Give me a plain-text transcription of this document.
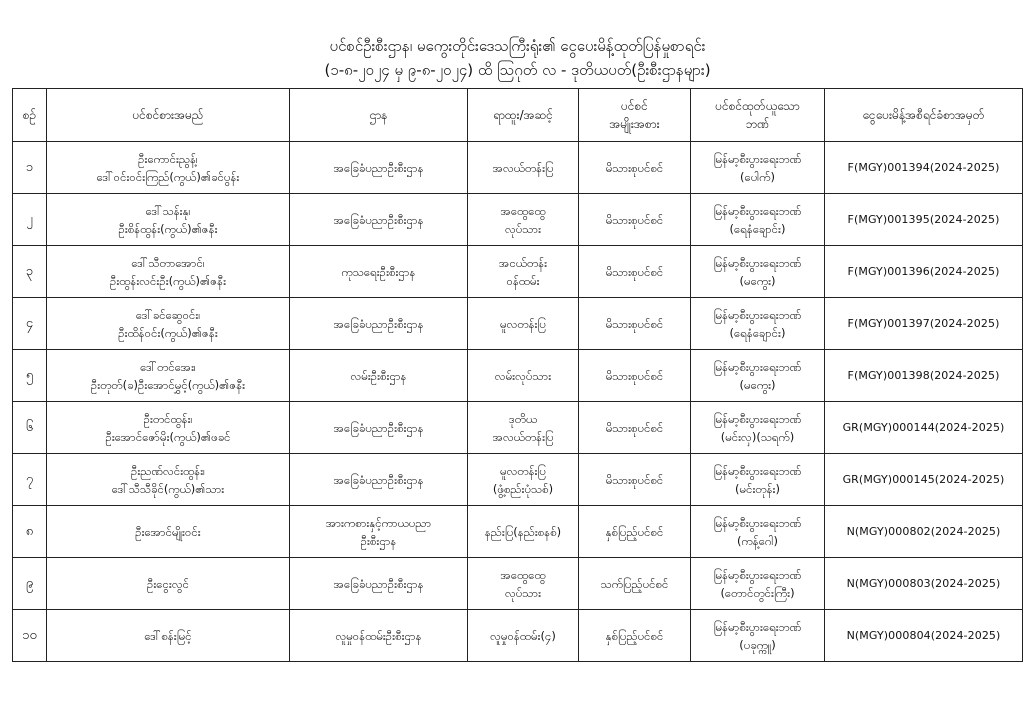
ပင်စင်ဦးစီးဌာန၊ မကွေးတိုင်းဒေသကြီးရုံး၏ ငွေပေးမိန့်ထုတ်ပြန်မှုစာရင်း
(၁-၈-၂၀၂၄ မှ ၉-၈-၂၀၂၄) ထိ ဩဂုတ် လ - ဒုတိယပတ်(ဦးစီးဌာနများ)
စဉ်	ပင်စင်စားအမည်	ဌာန	ရာထူး/အဆင့်	ပင်စင်
အမျိုးအစား	ပင်စင်ထုတ်ယူသော
ဘဏ်	ငွေပေးမိန့်အစီရင်ခံစာအမှတ်

၁	ဦးကောင်းညွန့်၊
ဒေါ်ဝင်းဝင်းကြည်(ကွယ်)၏ခင်ပွန်း	အခြေခံပညာဦးစီးဌာန	အလယ်တန်းပြ	မိသားစုပင်စင်	မြန်မာ့စီးပွားရေးဘဏ်
(ပေါက်)	F(MGY)001394(2024-2025)

၂	ဒေါ်သန်းနု၊
ဦးစိန်ထွန်း(ကွယ်)၏ဇနီး	အခြေခံပညာဦးစီးဌာန	အထွေထွေ
လုပ်သား	မိသားစုပင်စင်	မြန်မာ့စီးပွားရေးဘဏ်
(ရေနံချောင်း)	F(MGY)001395(2024-2025)

၃	ဒေါ်သီတာအောင်၊
ဦးထွန်းလင်းဦး(ကွယ်)၏ဇနီး	ကုသရေးဦးစီးဌာန	အငယ်တန်း
ဝန်ထမ်း	မိသားစုပင်စင်	မြန်မာ့စီးပွားရေးဘဏ်
(မကွေး)	F(MGY)001396(2024-2025)

၄	ဒေါ်ခင်ဆွေဝင်း၊
ဦးထိန်ဝင်း(ကွယ်)၏ဇနီး	အခြေခံပညာဦးစီးဌာန	မူလတန်းပြ	မိသားစုပင်စင်	မြန်မာ့စီးပွားရေးဘဏ်
(ရေနံချောင်း)	F(MGY)001397(2024-2025)

၅	ဒေါ်တင်အေး၊
ဦးတုတ်(ခ)ဦးအောင်မွှင့်(ကွယ်)၏ဇနီး	လမ်းဦးစီးဌာန	လမ်းလုပ်သား	မိသားစုပင်စင်	မြန်မာ့စီးပွားရေးဘဏ်
(မကွေး)	F(MGY)001398(2024-2025)

၆	ဦးတင်ထွန်း၊
ဦးအောင်ဇော်မိုး(ကွယ်)၏ဖခင်	အခြေခံပညာဦးစီးဌာန	ဒုတိယ
အလယ်တန်းပြ	မိသားစုပင်စင်	မြန်မာ့စီးပွားရေးဘဏ်
(မင်းလှ)(သရက်)	GR(MGY)000144(2024-2025)

၇	ဦးညဏ်လင်းထွန်း၊
ဒေါ်သီသီခိုင်(ကွယ်)၏သား	အခြေခံပညာဦးစီးဌာန	မူလတန်းပြ
(ဖွံ့စည်းပုံသစ်)	မိသားစုပင်စင်	မြန်မာ့စီးပွားရေးဘဏ်
(မင်းတုန်း)	GR(MGY)000145(2024-2025)

၈	ဦးအောင်မျိုးဝင်း	အားကစားနှင့်ကာယပညာ
ဦးစီးဌာန	နည်းပြ(နည်းစနစ်)	နှစ်ပြည့်ပင်စင်	မြန်မာ့စီးပွားရေးဘဏ်
(ကန့်ဂေါ)	N(MGY)000802(2024-2025)

၉	ဦးငွေးလွင်	အခြေခံပညာဦးစီးဌာန	အထွေထွေ
လုပ်သား	သက်ပြည့်ပင်စင်	မြန်မာ့စီးပွားရေးဘဏ်
(တောင်တွင်းကြီး)	N(MGY)000803(2024-2025)

၁၀	ဒေါ်စန်းမြင့်	လူမှုဝန်ထမ်းဦးစီးဌာန	လူမှုဝန်ထမ်း(၄)	နှစ်ပြည့်ပင်စင်	မြန်မာ့စီးပွားရေးဘဏ်
(ပခုက္ကူ)	N(MGY)000804(2024-2025)
